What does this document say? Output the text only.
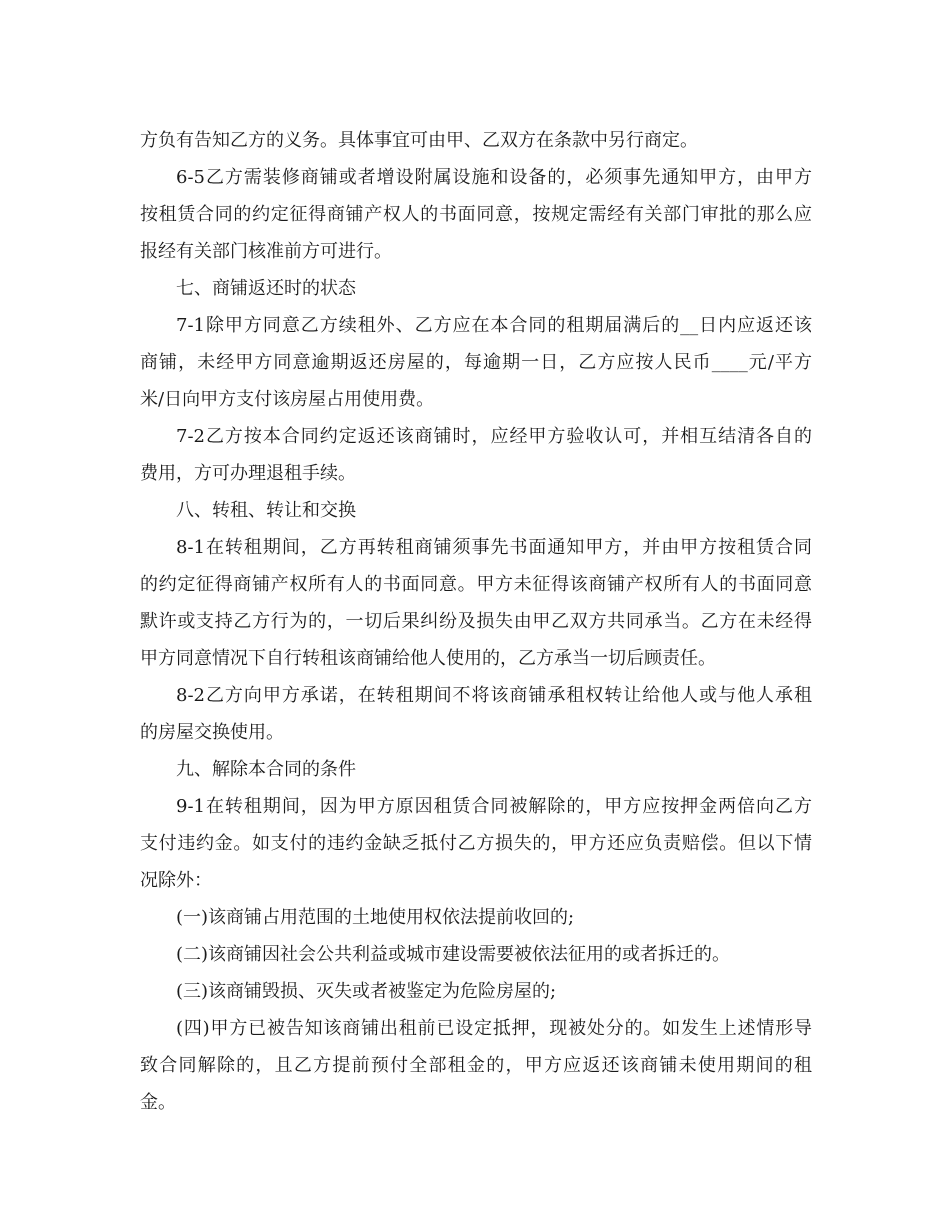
方负有告知乙方的义务。具体事宜可由甲、乙双方在条款中另行商定。
6-5乙方需装修商铺或者增设附属设施和设备的，必须事先通知甲方，由甲方
按租赁合同的约定征得商铺产权人的书面同意，按规定需经有关部门审批的那么应
报经有关部门核准前方可进行。
七、商铺返还时的状态
7-1除甲方同意乙方续租外、乙方应在本合同的租期届满后的__日内应返还该
商铺，未经甲方同意逾期返还房屋的，每逾期一日，乙方应按人民币____元/平方
米/日向甲方支付该房屋占用使用费。
7-2乙方按本合同约定返还该商铺时，应经甲方验收认可，并相互结清各自的
费用，方可办理退租手续。
八、转租、转让和交换
8-1在转租期间，乙方再转租商铺须事先书面通知甲方，并由甲方按租赁合同
的约定征得商铺产权所有人的书面同意。甲方未征得该商铺产权所有人的书面同意
默许或支持乙方行为的，一切后果纠纷及损失由甲乙双方共同承当。乙方在未经得
甲方同意情况下自行转租该商铺给他人使用的，乙方承当一切后顾责任。
8-2乙方向甲方承诺，在转租期间不将该商铺承租权转让给他人或与他人承租
的房屋交换使用。
九、解除本合同的条件
9-1在转租期间，因为甲方原因租赁合同被解除的，甲方应按押金两倍向乙方
支付违约金。如支付的违约金缺乏抵付乙方损失的，甲方还应负责赔偿。但以下情
况除外：
(一)该商铺占用范围的土地使用权依法提前收回的;
(二)该商铺因社会公共利益或城市建设需要被依法征用的或者拆迁的。
(三)该商铺毁损、灭失或者被鉴定为危险房屋的;
(四)甲方已被告知该商铺出租前已设定抵押，现被处分的。如发生上述情形导
致合同解除的，且乙方提前预付全部租金的，甲方应返还该商铺未使用期间的租
金。
